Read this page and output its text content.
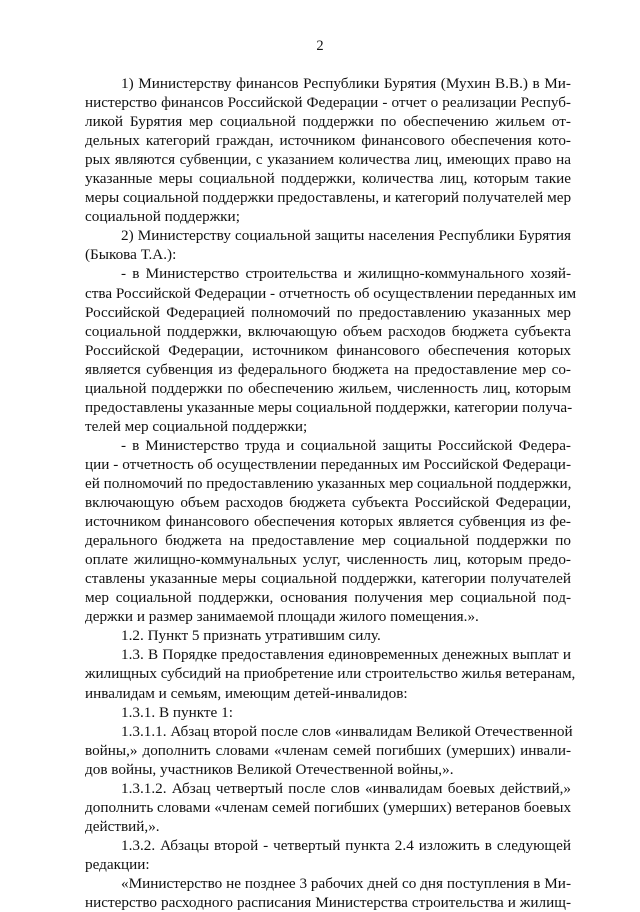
2
1) Министерству финансов Республики Бурятия (Мухин В.В.) в Ми-
нистерство финансов Российской Федерации - отчет о реализации Респуб-
ликой Бурятия мер социальной поддержки по обеспечению жильем от-
дельных категорий граждан, источником финансового обеспечения кото-
рых являются субвенции, с указанием количества лиц, имеющих право на
указанные меры социальной поддержки, количества лиц, которым такие
меры социальной поддержки предоставлены, и категорий получателей мер
социальной поддержки;
2) Министерству социальной защиты населения Республики Бурятия
(Быкова Т.А.):
- в Министерство строительства и жилищно-коммунального хозяй-
ства Российской Федерации - отчетность об осуществлении переданных им
Российской Федерацией полномочий по предоставлению указанных мер
социальной поддержки, включающую объем расходов бюджета субъекта
Российской Федерации, источником финансового обеспечения которых
является субвенция из федерального бюджета на предоставление мер со-
циальной поддержки по обеспечению жильем, численность лиц, которым
предоставлены указанные меры социальной поддержки, категории получа-
телей мер социальной поддержки;
- в Министерство труда и социальной защиты Российской Федера-
ции - отчетность об осуществлении переданных им Российской Федераци-
ей полномочий по предоставлению указанных мер социальной поддержки,
включающую объем расходов бюджета субъекта Российской Федерации,
источником финансового обеспечения которых является субвенция из фе-
дерального бюджета на предоставление мер социальной поддержки по
оплате жилищно-коммунальных услуг, численность лиц, которым предо-
ставлены указанные меры социальной поддержки, категории получателей
мер социальной поддержки, основания получения мер социальной под-
держки и размер занимаемой площади жилого помещения.».
1.2. Пункт 5 признать утратившим силу.
1.3. В Порядке предоставления единовременных денежных выплат и
жилищных субсидий на приобретение или строительство жилья ветеранам,
инвалидам и семьям, имеющим детей-инвалидов:
1.3.1. В пункте 1:
1.3.1.1. Абзац второй после слов «инвалидам Великой Отечественной
войны,» дополнить словами «членам семей погибших (умерших) инвали-
дов войны, участников Великой Отечественной войны,».
1.3.1.2. Абзац четвертый после слов «инвалидам боевых действий,»
дополнить словами «членам семей погибших (умерших) ветеранов боевых
действий,».
1.3.2. Абзацы второй - четвертый пункта 2.4 изложить в следующей
редакции:
«Министерство не позднее 3 рабочих дней со дня поступления в Ми-
нистерство расходного расписания Министерства строительства и жилищ-
